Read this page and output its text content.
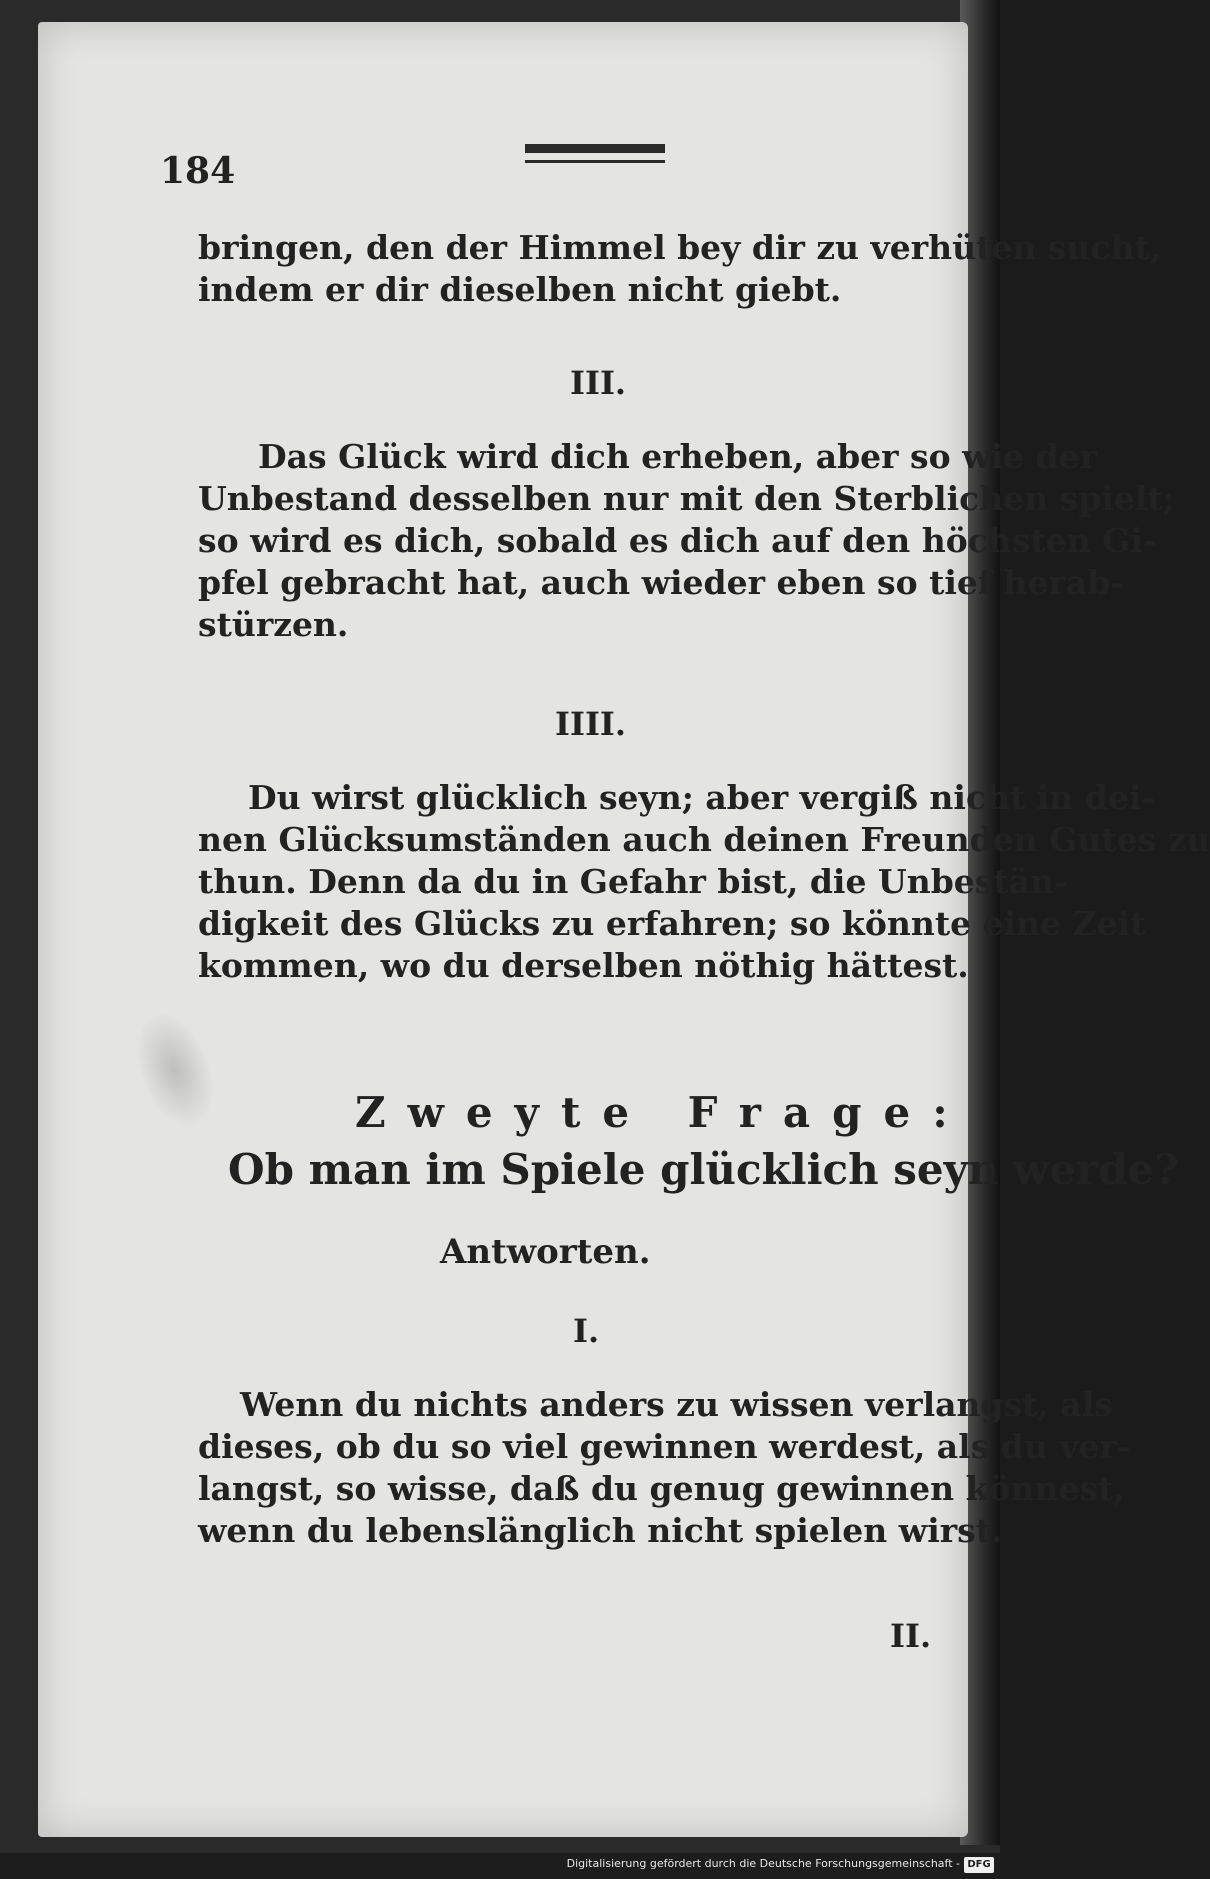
184
bringen, den der Himmel bey dir zu verhüten sucht,
indem er dir dieselben nicht giebt.
III.
Das Glück wird dich erheben, aber so wie der
Unbestand desselben nur mit den Sterblichen spielt;
so wird es dich, sobald es dich auf den höchsten Gi-
pfel gebracht hat, auch wieder eben so tief herab-
stürzen.
IIII.
Du wirst glücklich seyn; aber vergiß nicht in dei-
nen Glücksumständen auch deinen Freunden Gutes zu
thun. Denn da du in Gefahr bist, die Unbestän-
digkeit des Glücks zu erfahren; so könnte eine Zeit
kommen, wo du derselben nöthig hättest.
Zweyte Frage:
Ob man im Spiele glücklich seyn werde?
Antworten.
I.
Wenn du nichts anders zu wissen verlangst, als
dieses, ob du so viel gewinnen werdest, als du ver-
langst, so wisse, daß du genug gewinnen könnest,
wenn du lebenslänglich nicht spielen wirst.
II.
Digitalisierung gefördert durch die Deutsche Forschungsgemeinschaft - DFG
